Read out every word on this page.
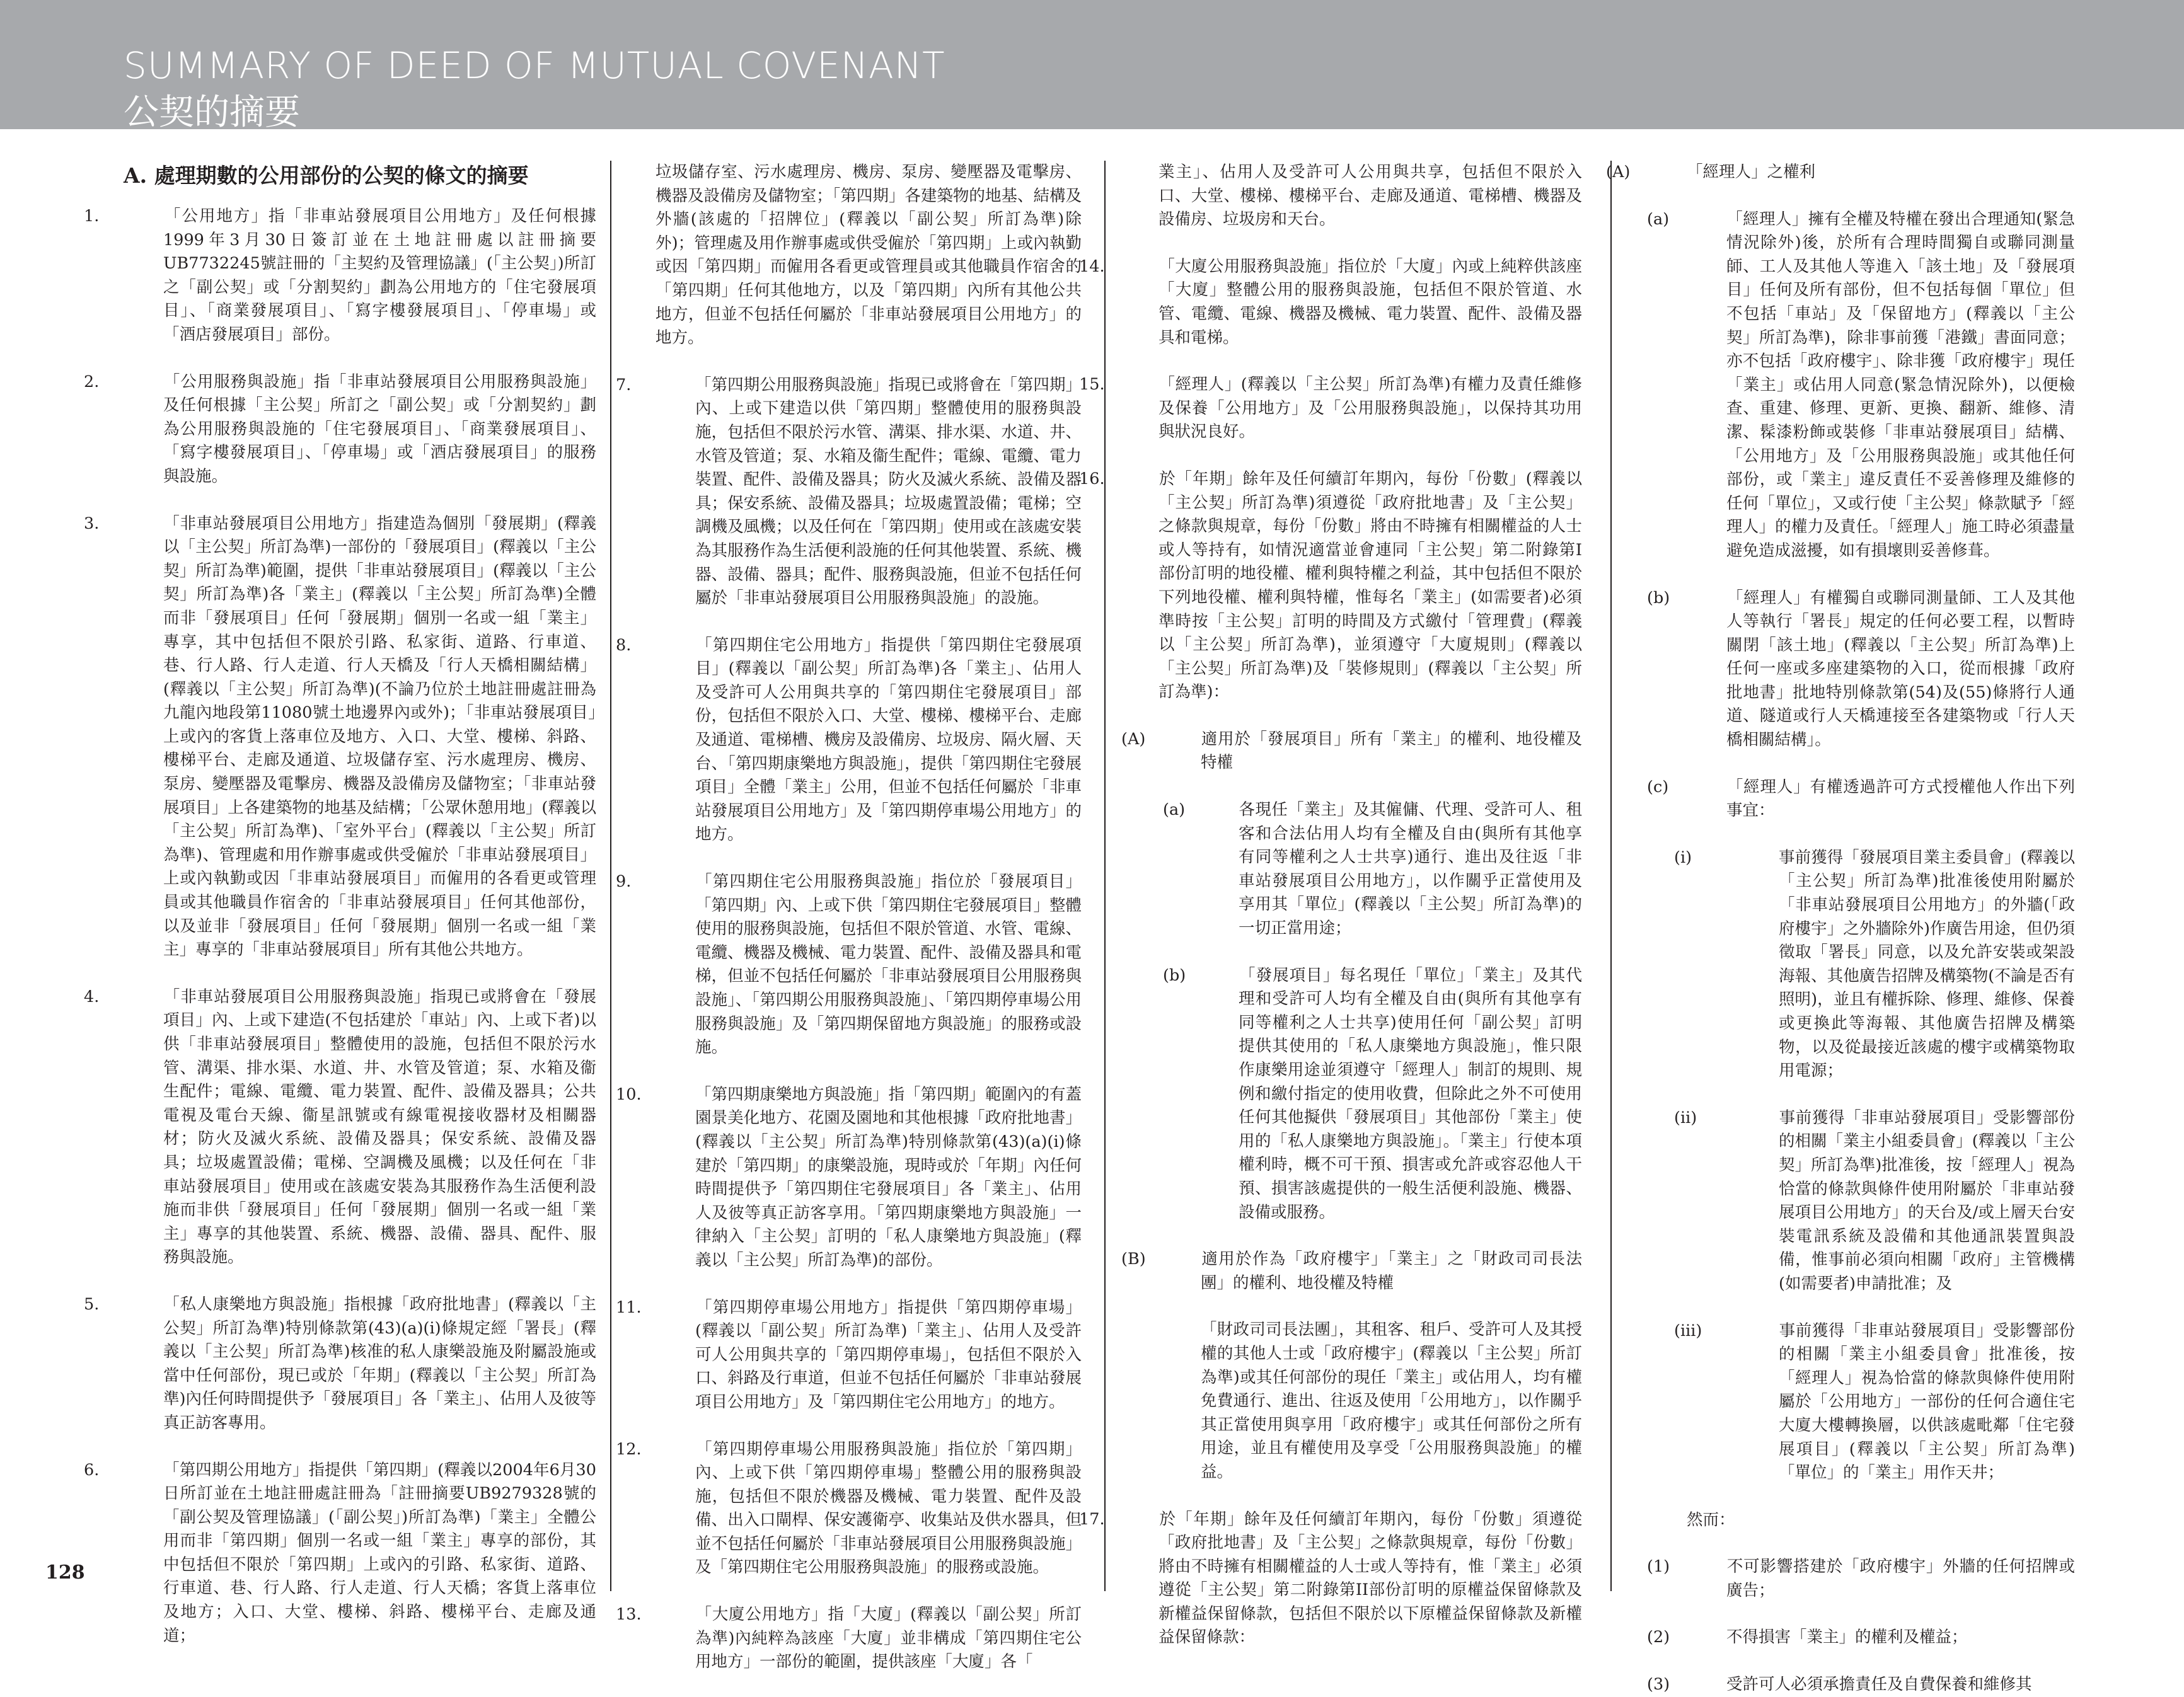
SUMMARY OF DEED OF MUTUAL COVENANT
公契的摘要
A. 處理期數的公用部份的公契的條文的摘要
1.	「公用地方」指「非車站發展項目公用地方」及任何根據1999年3月30日簽訂並在土地註冊處以註冊摘要UB7732245號註冊的「主契約及管理協議」(「主公契」)所訂之「副公契」或「分割契約」劃為公用地方的「住宅發展項目」、「商業發展項目」、「寫字樓發展項目」、「停車場」或「酒店發展項目」部份。
2.	「公用服務與設施」指「非車站發展項目公用服務與設施」及任何根據「主公契」所訂之「副公契」或「分割契約」劃為公用服務與設施的「住宅發展項目」、「商業發展項目」、「寫字樓發展項目」、「停車場」或「酒店發展項目」的服務與設施。
3.	「非車站發展項目公用地方」指建造為個別「發展期」(釋義以「主公契」所訂為準)一部份的「發展項目」(釋義以「主公契」所訂為準)範圍，提供「非車站發展項目」(釋義以「主公契」所訂為準)各「業主」(釋義以「主公契」所訂為準)全體而非「發展項目」任何「發展期」個別一名或一組「業主」專享，其中包括但不限於引路、私家街、道路、行車道、巷、行人路、行人走道、行人天橋及「行人天橋相關結構」(釋義以「主公契」所訂為準)(不論乃位於土地註冊處註冊為九龍內地段第11080號土地邊界內或外)；「非車站發展項目」上或內的客貨上落車位及地方、入口、大堂、樓梯、斜路、樓梯平台、走廊及通道、垃圾儲存室、污水處理房、機房、泵房、變壓器及電擊房、機器及設備房及儲物室；「非車站發展項目」上各建築物的地基及結構；「公眾休憩用地」(釋義以「主公契」所訂為準)、「室外平台」(釋義以「主公契」所訂為準)、管理處和用作辦事處或供受僱於「非車站發展項目」上或內執勤或因「非車站發展項目」而僱用的各看更或管理員或其他職員作宿舍的「非車站發展項目」任何其他部份，以及並非「發展項目」任何「發展期」個別一名或一組「業主」專享的「非車站發展項目」所有其他公共地方。
4.	「非車站發展項目公用服務與設施」指現已或將會在「發展項目」內、上或下建造(不包括建於「車站」內、上或下者)以供「非車站發展項目」整體使用的設施，包括但不限於污水管、溝渠、排水渠、水道、井、水管及管道；泵、水箱及衞生配件；電線、電纜、電力裝置、配件、設備及器具；公共電視及電台天線、衞星訊號或有線電視接收器材及相關器材；防火及滅火系統、設備及器具；保安系統、設備及器具；垃圾處置設備；電梯、空調機及風機；以及任何在「非車站發展項目」使用或在該處安裝為其服務作為生活便利設施而非供「發展項目」任何「發展期」個別一名或一組「業主」專享的其他裝置、系統、機器、設備、器具、配件、服務與設施。
5.	「私人康樂地方與設施」指根據「政府批地書」(釋義以「主公契」所訂為準)特別條款第(43)(a)(i)條規定經「署長」(釋義以「主公契」所訂為準)核准的私人康樂設施及附屬設施或當中任何部份，現已或於「年期」(釋義以「主公契」所訂為準)內任何時間提供予「發展項目」各「業主」、佔用人及彼等真正訪客專用。
6.	「第四期公用地方」指提供「第四期」(釋義以2004年6月30日所訂並在土地註冊處註冊為「註冊摘要UB9279328號的「副公契及管理協議」(「副公契」)所訂為準)「業主」全體公用而非「第四期」個別一名或一組「業主」專享的部份，其中包括但不限於「第四期」上或內的引路、私家街、道路、行車道、巷、行人路、行人走道、行人天橋；客貨上落車位及地方；入口、大堂、樓梯、斜路、樓梯平台、走廊及通道；
垃圾儲存室、污水處理房、機房、泵房、變壓器及電擊房、機器及設備房及儲物室；「第四期」各建築物的地基、結構及外牆(該處的「招牌位」(釋義以「副公契」所訂為準)除外)；管理處及用作辦事處或供受僱於「第四期」上或內執勤或因「第四期」而僱用各看更或管理員或其他職員作宿舍的「第四期」任何其他地方，以及「第四期」內所有其他公共地方，但並不包括任何屬於「非車站發展項目公用地方」的地方。
7.	「第四期公用服務與設施」指現已或將會在「第四期」內、上或下建造以供「第四期」整體使用的服務與設施，包括但不限於污水管、溝渠、排水渠、水道、井、水管及管道；泵、水箱及衞生配件；電線、電纜、電力裝置、配件、設備及器具；防火及滅火系統、設備及器具；保安系統、設備及器具；垃圾處置設備；電梯；空調機及風機；以及任何在「第四期」使用或在該處安裝為其服務作為生活便利設施的任何其他裝置、系統、機器、設備、器具；配件、服務與設施，但並不包括任何屬於「非車站發展項目公用服務與設施」的設施。
8.	「第四期住宅公用地方」指提供「第四期住宅發展項目」(釋義以「副公契」所訂為準)各「業主」、佔用人及受許可人公用與共享的「第四期住宅發展項目」部份，包括但不限於入口、大堂、樓梯、樓梯平台、走廊及通道、電梯槽、機房及設備房、垃圾房、隔火層、天台、「第四期康樂地方與設施」，提供「第四期住宅發展項目」全體「業主」公用，但並不包括任何屬於「非車站發展項目公用地方」及「第四期停車場公用地方」的地方。
9.	「第四期住宅公用服務與設施」指位於「發展項目」「第四期」內、上或下供「第四期住宅發展項目」整體使用的服務與設施，包括但不限於管道、水管、電線、電纜、機器及機械、電力裝置、配件、設備及器具和電梯，但並不包括任何屬於「非車站發展項目公用服務與設施」、「第四期公用服務與設施」、「第四期停車場公用服務與設施」及「第四期保留地方與設施」的服務或設施。
10.	「第四期康樂地方與設施」指「第四期」範圍內的有蓋園景美化地方、花園及園地和其他根據「政府批地書」(釋義以「主公契」所訂為準)特別條款第(43)(a)(i)條建於「第四期」的康樂設施，現時或於「年期」內任何時間提供予「第四期住宅發展項目」各「業主」、佔用人及彼等真正訪客享用。「第四期康樂地方與設施」一律納入「主公契」訂明的「私人康樂地方與設施」(釋義以「主公契」所訂為準)的部份。
11.	「第四期停車場公用地方」指提供「第四期停車場」(釋義以「副公契」所訂為準)「業主」、佔用人及受許可人公用與共享的「第四期停車場」，包括但不限於入口、斜路及行車道，但並不包括任何屬於「非車站發展項目公用地方」及「第四期住宅公用地方」的地方。
12.	「第四期停車場公用服務與設施」指位於「第四期」內、上或下供「第四期停車場」整體公用的服務與設施，包括但不限於機器及機械、電力裝置、配件及設備、出入口閘桿、保安護衛亭、收集站及供水器具，但並不包括任何屬於「非車站發展項目公用服務與設施」及「第四期住宅公用服務與設施」的服務或設施。
13.	「大廈公用地方」指「大廈」(釋義以「副公契」所訂為準)內純粹為該座「大廈」並非構成「第四期住宅公用地方」一部份的範圍，提供該座「大廈」各「
業主」、佔用人及受許可人公用與共享，包括但不限於入口、大堂、樓梯、樓梯平台、走廊及通道、電梯槽、機器及設備房、垃圾房和天台。
14.	「大廈公用服務與設施」指位於「大廈」內或上純粹供該座「大廈」整體公用的服務與設施，包括但不限於管道、水管、電纜、電線、機器及機械、電力裝置、配件、設備及器具和電梯。
15.	「經理人」(釋義以「主公契」所訂為準)有權力及責任維修及保養「公用地方」及「公用服務與設施」，以保持其功用與狀況良好。
16.	於「年期」餘年及任何續訂年期內，每份「份數」(釋義以「主公契」所訂為準)須遵從「政府批地書」及「主公契」之條款與規章，每份「份數」將由不時擁有相關權益的人士或人等持有，如情況適當並會連同「主公契」第二附錄第I部份訂明的地役權、權利與特權之利益，其中包括但不限於下列地役權、權利與特權，惟每名「業主」(如需要者)必須準時按「主公契」訂明的時間及方式繳付「管理費」(釋義以「主公契」所訂為準)，並須遵守「大廈規則」(釋義以「主公契」所訂為準)及「裝修規則」(釋義以「主公契」所訂為準)：
(A)	適用於「發展項目」所有「業主」的權利、地役權及特權
(a)	各現任「業主」及其僱傭、代理、受許可人、租客和合法佔用人均有全權及自由(與所有其他享有同等權利之人士共享)通行、進出及往返「非車站發展項目公用地方」，以作關乎正當使用及享用其「單位」(釋義以「主公契」所訂為準)的一切正當用途；
(b)	「發展項目」每名現任「單位」「業主」及其代理和受許可人均有全權及自由(與所有其他享有同等權利之人士共享)使用任何「副公契」訂明提供其使用的「私人康樂地方與設施」，惟只限作康樂用途並須遵守「經理人」制訂的規則、規例和繳付指定的使用收費，但除此之外不可使用任何其他擬供「發展項目」其他部份「業主」使用的「私人康樂地方與設施」。「業主」行使本項權利時，概不可干預、損害或允許或容忍他人干預、損害該處提供的一般生活便利設施、機器、設備或服務。
(B)	適用於作為「政府樓宇」「業主」之「財政司司長法團」的權利、地役權及特權
「財政司司長法團」，其租客、租戶、受許可人及其授權的其他人士或「政府樓宇」(釋義以「主公契」所訂為準)或其任何部份的現任「業主」或佔用人，均有權免費通行、進出、往返及使用「公用地方」，以作關乎其正當使用與享用「政府樓宇」或其任何部份之所有用途，並且有權使用及享受「公用服務與設施」的權益。
17.	於「年期」餘年及任何續訂年期內，每份「份數」須遵從「政府批地書」及「主公契」之條款與規章，每份「份數」將由不時擁有相關權益的人士或人等持有，惟「業主」必須遵從「主公契」第二附錄第II部份訂明的原權益保留條款及新權益保留條款，包括但不限於以下原權益保留條款及新權益保留條款：
(A)	「經理人」之權利
(a)	「經理人」擁有全權及特權在發出合理通知(緊急情況除外)後，於所有合理時間獨自或聯同測量師、工人及其他人等進入「該土地」及「發展項目」任何及所有部份，但不包括每個「單位」但不包括「車站」及「保留地方」(釋義以「主公契」所訂為準)，除非事前獲「港鐵」書面同意；亦不包括「政府樓宇」、除非獲「政府樓宇」現任「業主」或佔用人同意(緊急情況除外)，以便檢查、重建、修理、更新、更換、翻新、維修、清潔、髹漆粉飾或裝修「非車站發展項目」結構、「公用地方」及「公用服務與設施」或其他任何部份，或「業主」違反責任不妥善修理及維修的任何「單位」，又或行使「主公契」條款賦予「經理人」的權力及責任。「經理人」施工時必須盡量避免造成滋擾，如有損壞則妥善修葺。
(b)	「經理人」有權獨自或聯同測量師、工人及其他人等執行「署長」規定的任何必要工程，以暫時關閉「該土地」(釋義以「主公契」所訂為準)上任何一座或多座建築物的入口，從而根據「政府批地書」批地特別條款第(54)及(55)條將行人通道、隧道或行人天橋連接至各建築物或「行人天橋相關結構」。
(c)	「經理人」有權透過許可方式授權他人作出下列事宜：
(i)	事前獲得「發展項目業主委員會」(釋義以「主公契」所訂為準)批准後使用附屬於「非車站發展項目公用地方」的外牆(「政府樓宇」之外牆除外)作廣告用途，但仍須徵取「署長」同意，以及允許安裝或架設海報、其他廣告招牌及構築物(不論是否有照明)，並且有權拆除、修理、維修、保養或更換此等海報、其他廣告招牌及構築物，以及從最接近該處的樓宇或構築物取用電源；
(ii)	事前獲得「非車站發展項目」受影響部份的相關「業主小組委員會」(釋義以「主公契」所訂為準)批准後，按「經理人」視為恰當的條款與條件使用附屬於「非車站發展項目公用地方」的天台及/或上層天台安裝電訊系統及設備和其他通訊裝置與設備，惟事前必須向相關「政府」主管機構(如需要者)申請批准；及
(iii)	事前獲得「非車站發展項目」受影響部份的相關「業主小組委員會」批准後，按「經理人」視為恰當的條款與條件使用附屬於「公用地方」一部份的任何合適住宅大廈大樓轉換層，以供該處毗鄰「住宅發展項目」(釋義以「主公契」所訂為準)「單位」的「業主」用作天井；
然而：
(1)	不可影響搭建於「政府樓宇」外牆的任何招牌或廣告；
(2)	不得損害「業主」的權利及權益；
(3)	受許可人必須承擔責任及自費保養和維修其
128
